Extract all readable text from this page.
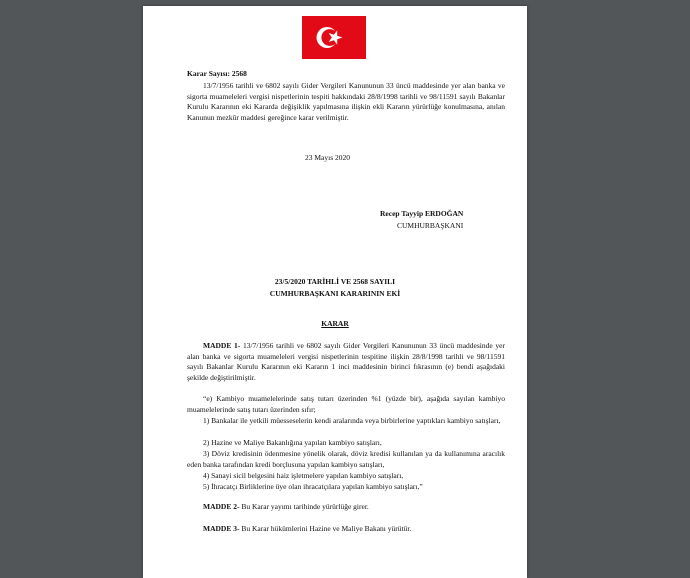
Karar Sayısı: 2568
13/7/1956 tarihli ve 6802 sayılı Gider Vergileri Kanununun 33 üncü maddesinde yer alan banka ve sigorta muameleleri vergisi nispetlerinin tespiti hakkındaki 28/8/1998 tarihli ve 98/11591 sayılı Bakanlar Kurulu Kararının eki Kararda değişiklik yapılmasına ilişkin ekli Kararın yürürlüğe konulmasına, anılan Kanunun mezkûr maddesi gereğince karar verilmiştir.
23 Mayıs 2020
Recep Tayyip ERDOĞAN
CUMHURBAŞKANI
23/5/2020 TARİHLİ VE 2568 SAYILI
CUMHURBAŞKANI KARARININ EKİ
KARAR
MADDE 1- 13/7/1956 tarihli ve 6802 sayılı Gider Vergileri Kanununun 33 üncü maddesinde yer alan banka ve sigorta muameleleri vergisi nispetlerinin tespitine ilişkin 28/8/1998 tarihli ve 98/11591 sayılı Bakanlar Kurulu Kararının eki Kararın 1 inci maddesinin birinci fıkrasının (e) bendi aşağıdaki şekilde değiştirilmiştir.
“e) Kambiyo muamelelerinde satış tutarı üzerinden %1 (yüzde bir), aşağıda sayılan kambiyo muamelelerinde satış tutarı üzerinden sıfır;
1) Bankalar ile yetkili müesseselerin kendi aralarında veya birbirlerine yaptıkları kambiyo satışları,
2) Hazine ve Maliye Bakanlığına yapılan kambiyo satışları,
3) Döviz kredisinin ödenmesine yönelik olarak, döviz kredisi kullanılan ya da kullanımına aracılık eden banka tarafından kredi borçlusuna yapılan kambiyo satışları,
4) Sanayi sicil belgesini haiz işletmelere yapılan kambiyo satışları,
5) İhracatçı Birliklerine üye olan ihracatçılara yapılan kambiyo satışları,”
MADDE 2- Bu Karar yayımı tarihinde yürürlüğe girer.
MADDE 3- Bu Karar hükümlerini Hazine ve Maliye Bakanı yürütür.
